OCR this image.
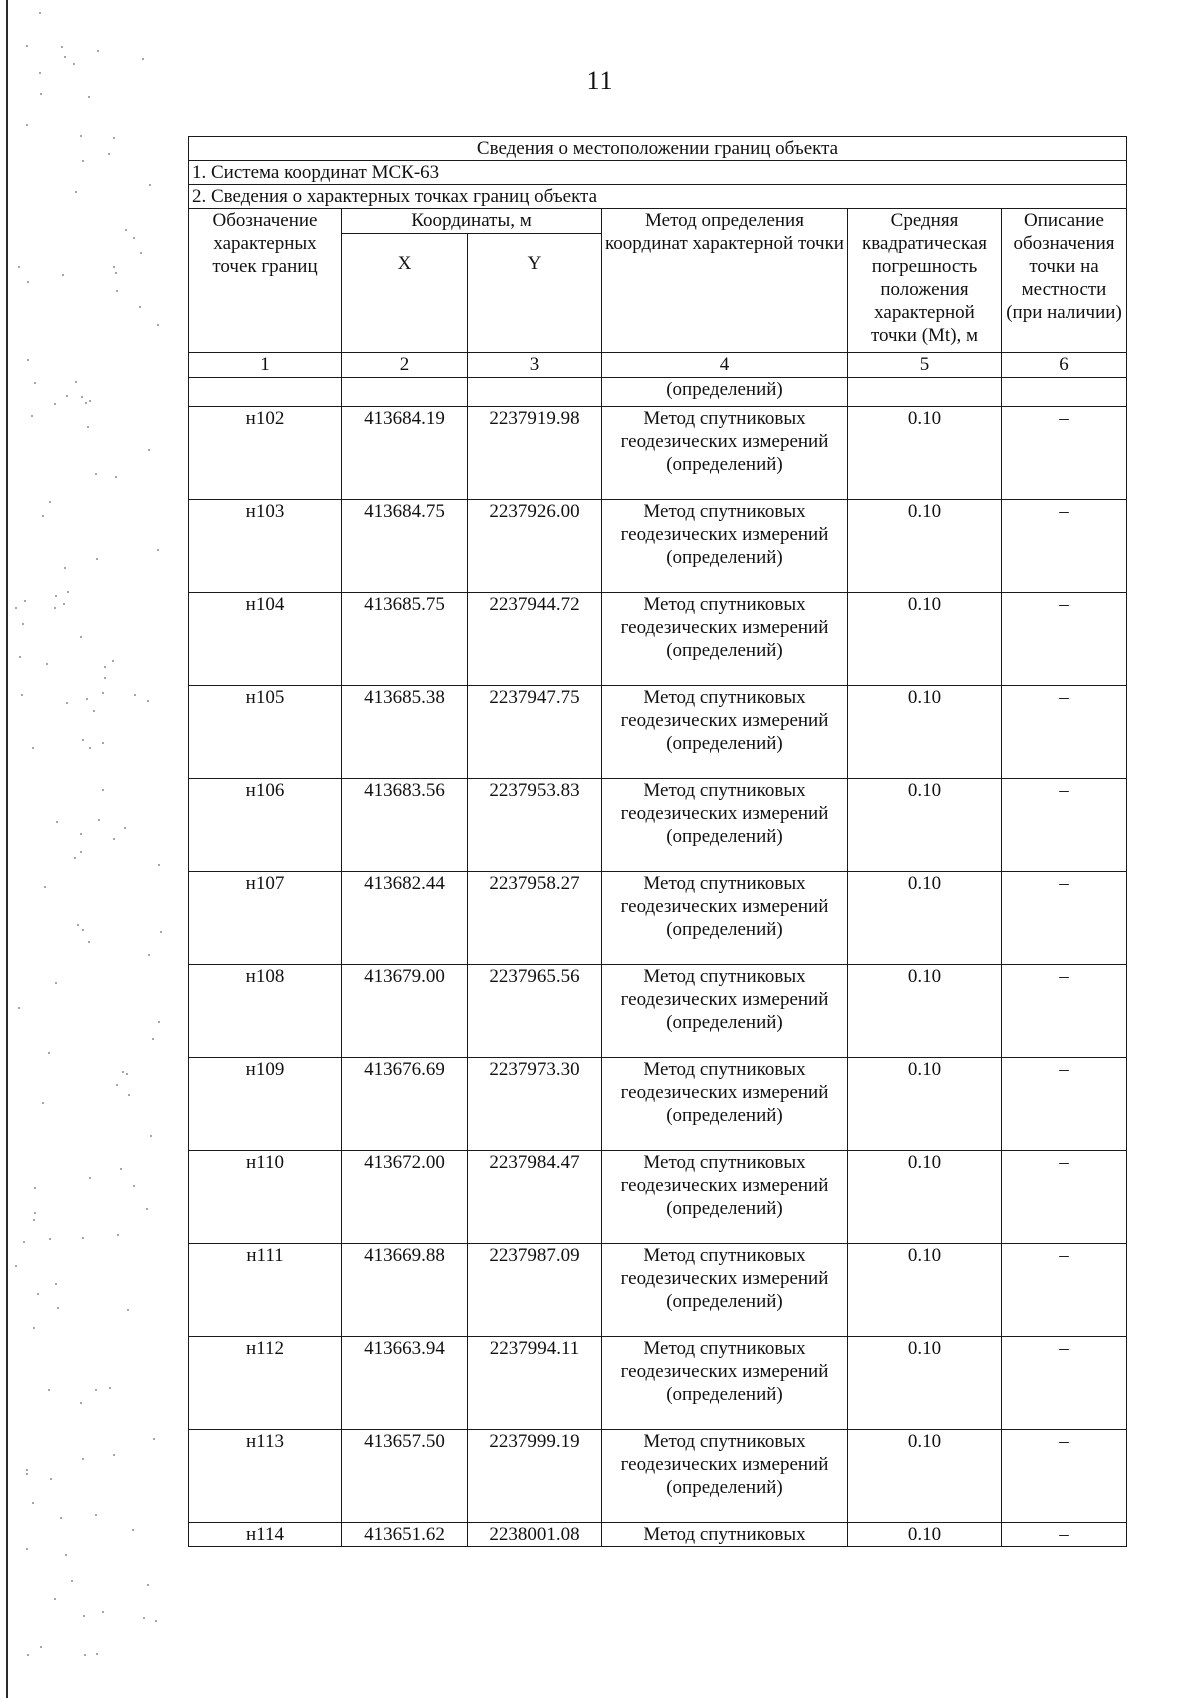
11
Сведения о местоположении границ объекта					
1. Система координат МСК-63					
2. Сведения о характерных точках границ объекта					
Обозначение характерных точек границ	Координаты, м		Метод определения координат характерной точки	Средняя квадратическая погрешность положения характерной точки (Mt), м	Описание обозначения точки на местности (при наличии)

	X	Y			

1	2	3	4	5	6
			(определений)		
н102	413684.19	2237919.98	Метод спутниковых геодезических измерений (определений)	0.10	–
н103	413684.75	2237926.00	Метод спутниковых геодезических измерений (определений)	0.10	–
н104	413685.75	2237944.72	Метод спутниковых геодезических измерений (определений)	0.10	–
н105	413685.38	2237947.75	Метод спутниковых геодезических измерений (определений)	0.10	–
н106	413683.56	2237953.83	Метод спутниковых геодезических измерений (определений)	0.10	–
н107	413682.44	2237958.27	Метод спутниковых геодезических измерений (определений)	0.10	–
н108	413679.00	2237965.56	Метод спутниковых геодезических измерений (определений)	0.10	–
н109	413676.69	2237973.30	Метод спутниковых геодезических измерений (определений)	0.10	–
н110	413672.00	2237984.47	Метод спутниковых геодезических измерений (определений)	0.10	–
н111	413669.88	2237987.09	Метод спутниковых геодезических измерений (определений)	0.10	–
н112	413663.94	2237994.11	Метод спутниковых геодезических измерений (определений)	0.10	–
н113	413657.50	2237999.19	Метод спутниковых геодезических измерений (определений)	0.10	–
н114	413651.62	2238001.08	Метод спутниковых	0.10	–
